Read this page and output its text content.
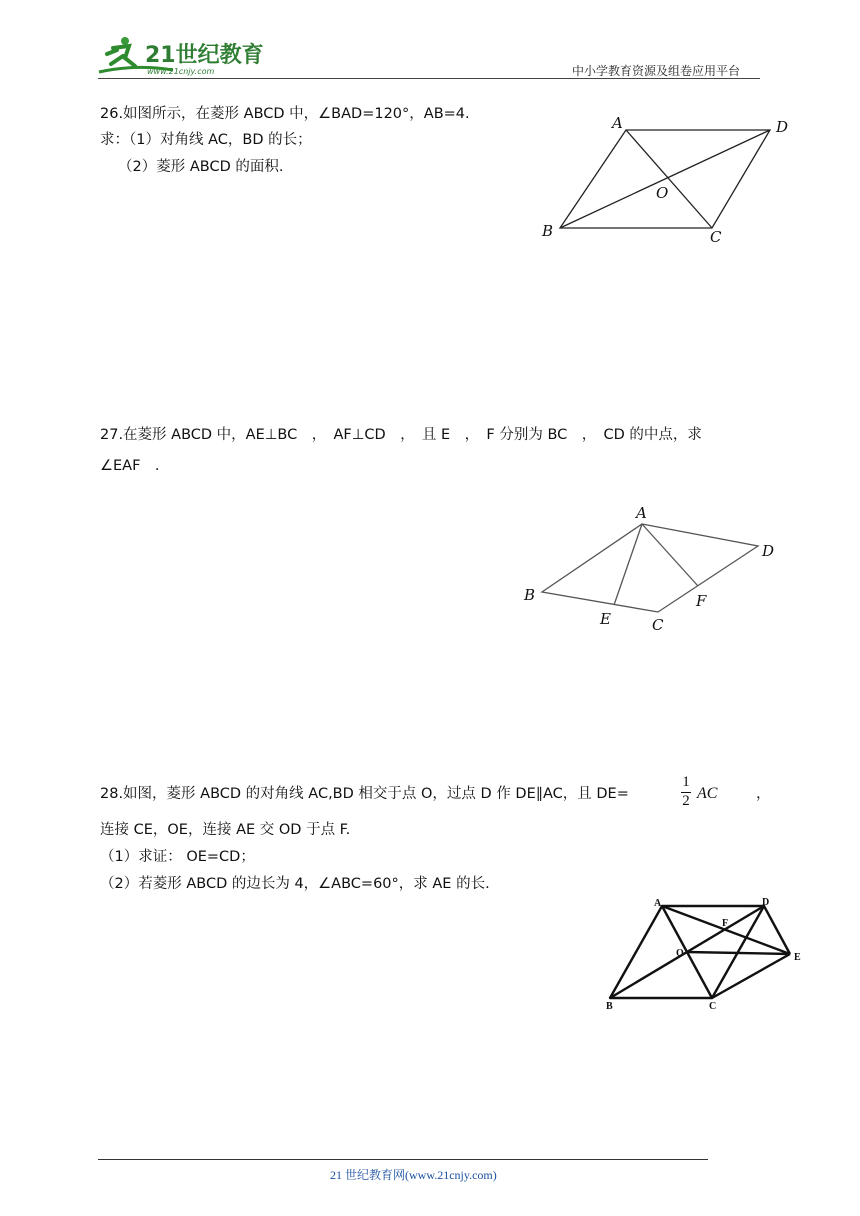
21世纪教育
www.21cnjy.com	中小学教育资源及组卷应用平台
26.如图所示，在菱形 ABCD 中，∠BAD=120°，AB=4.
求：（1）对角线 AC，BD 的长；
（2）菱形 ABCD 的面积.
A	D
B	C
O
27.在菱形 ABCD 中，AE⊥BC　，　AF⊥CD　，　且 E　，　F 分别为 BC　，　CD 的中点，求
∠EAF　.
A
D
B
E	C
F
28.如图，菱形 ABCD 的对角线 AC,BD 相交于点 O，过点 D 作 DE∥AC，且 DE=
1
2 AC	，
连接 CE，OE，连接 AE 交 OD 于点 F.
（1）求证： OE=CD；
（2）若菱形 ABCD 的边长为 4，∠ABC=60°，求 AE 的长.
A	D
F
O	E
B	C
21 世纪教育网(www.21cnjy.com)
